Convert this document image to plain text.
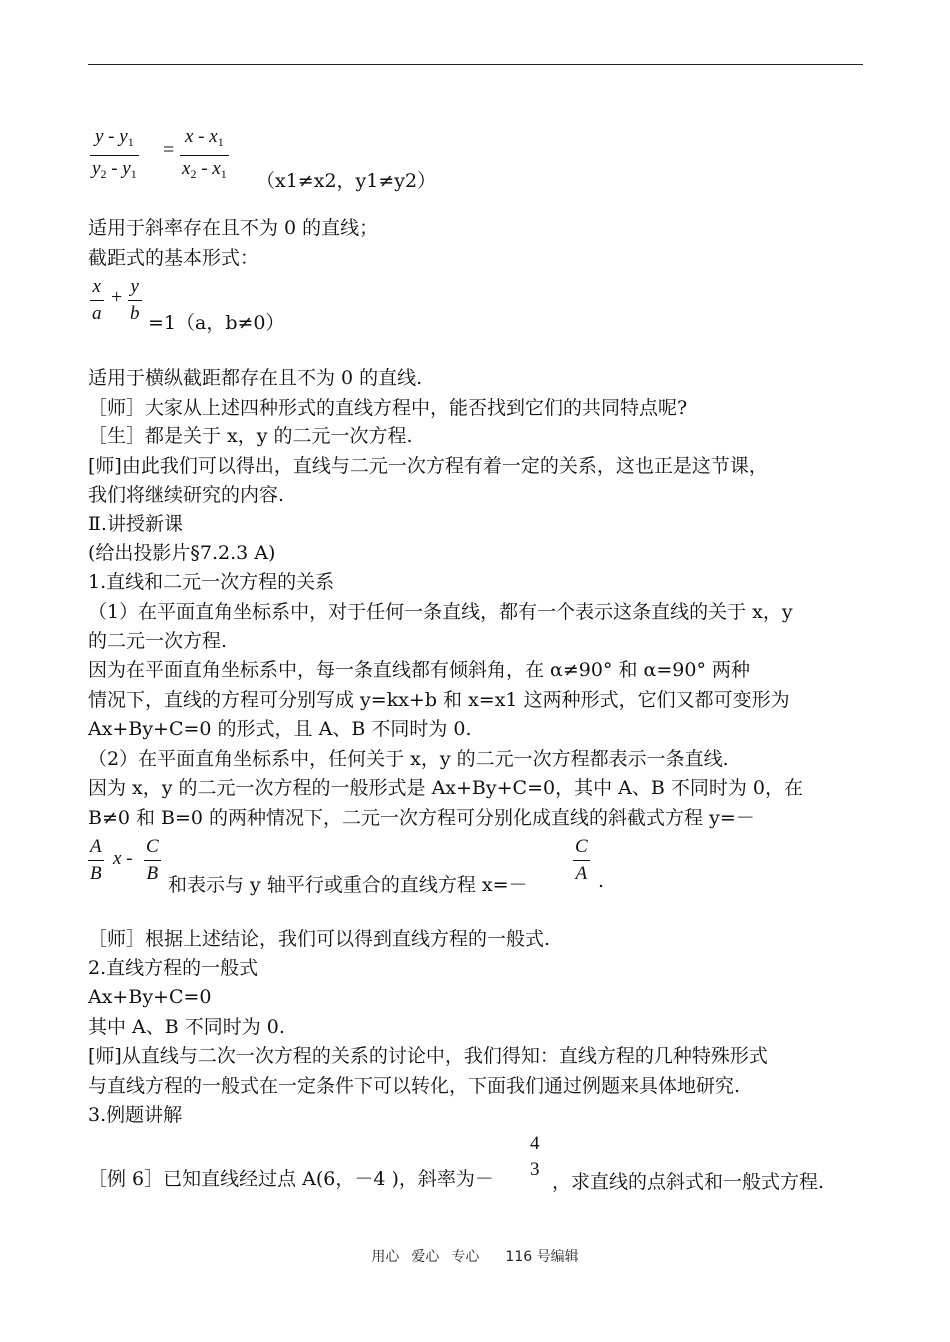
$\frac{y - y_1}{y_2 - y_1} = \frac{x - x_1}{x_2 - x_1} (x1\ne x2$，y1≠y2）
适用于斜率存在且不为 0 的直线；
截距式的基本形式：
$\frac{x}{a} + \frac{y}{b} =1(a$，b≠0）
适用于横纵截距都存在且不为 0 的直线.
［师］大家从上述四种形式的直线方程中，能否找到它们的共同特点呢?
［生］都是关于 x，y 的二元一次方程.
[师]由此我们可以得出，直线与二元一次方程有着一定的关系，这也正是这节课，
我们将继续研究的内容.
Ⅱ.讲授新课
(给出投影片§7.2.3 A)
1.直线和二元一次方程的关系
（1）在平面直角坐标系中，对于任何一条直线，都有一个表示这条直线的关于 x，y
的二元一次方程.
因为在平面直角坐标系中，每一条直线都有倾斜角，在 α≠90° 和 α=90° 两种
情况下，直线的方程可分别写成 y=kx+b 和 x=x1 这两种形式，它们又都可变形为
Ax+By+C=0 的形式，且 A、B 不同时为 0.
（2）在平面直角坐标系中，任何关于 x，y 的二元一次方程都表示一条直线.
因为 x，y 的二元一次方程的一般形式是 Ax+By+C=0，其中 A、B 不同时为 0，在
B≠0 和 B=0 的两种情况下，二元一次方程可分别化成直线的斜截式方程 y=－
$\frac{A}{B}$ x - $\frac{C}{B}$ 和表示与 y 轴平行或重合的直线方程 $x=- \frac{C}{A}$ .
［师］根据上述结论，我们可以得到直线方程的一般式.
2.直线方程的一般式
Ax+By+C=0
其中 A、B 不同时为 0.
[师]从直线与二次一次方程的关系的讨论中，我们得知：直线方程的几种特殊形式
与直线方程的一般式在一定条件下可以转化，下面我们通过例题来具体地研究.
3.例题讲解
［例 6］已知直线经过点 A(6，－4 )，斜率为－
4
3
，求直线的点斜式和一般式方程.
用心 爱心 专心 116 号编辑
